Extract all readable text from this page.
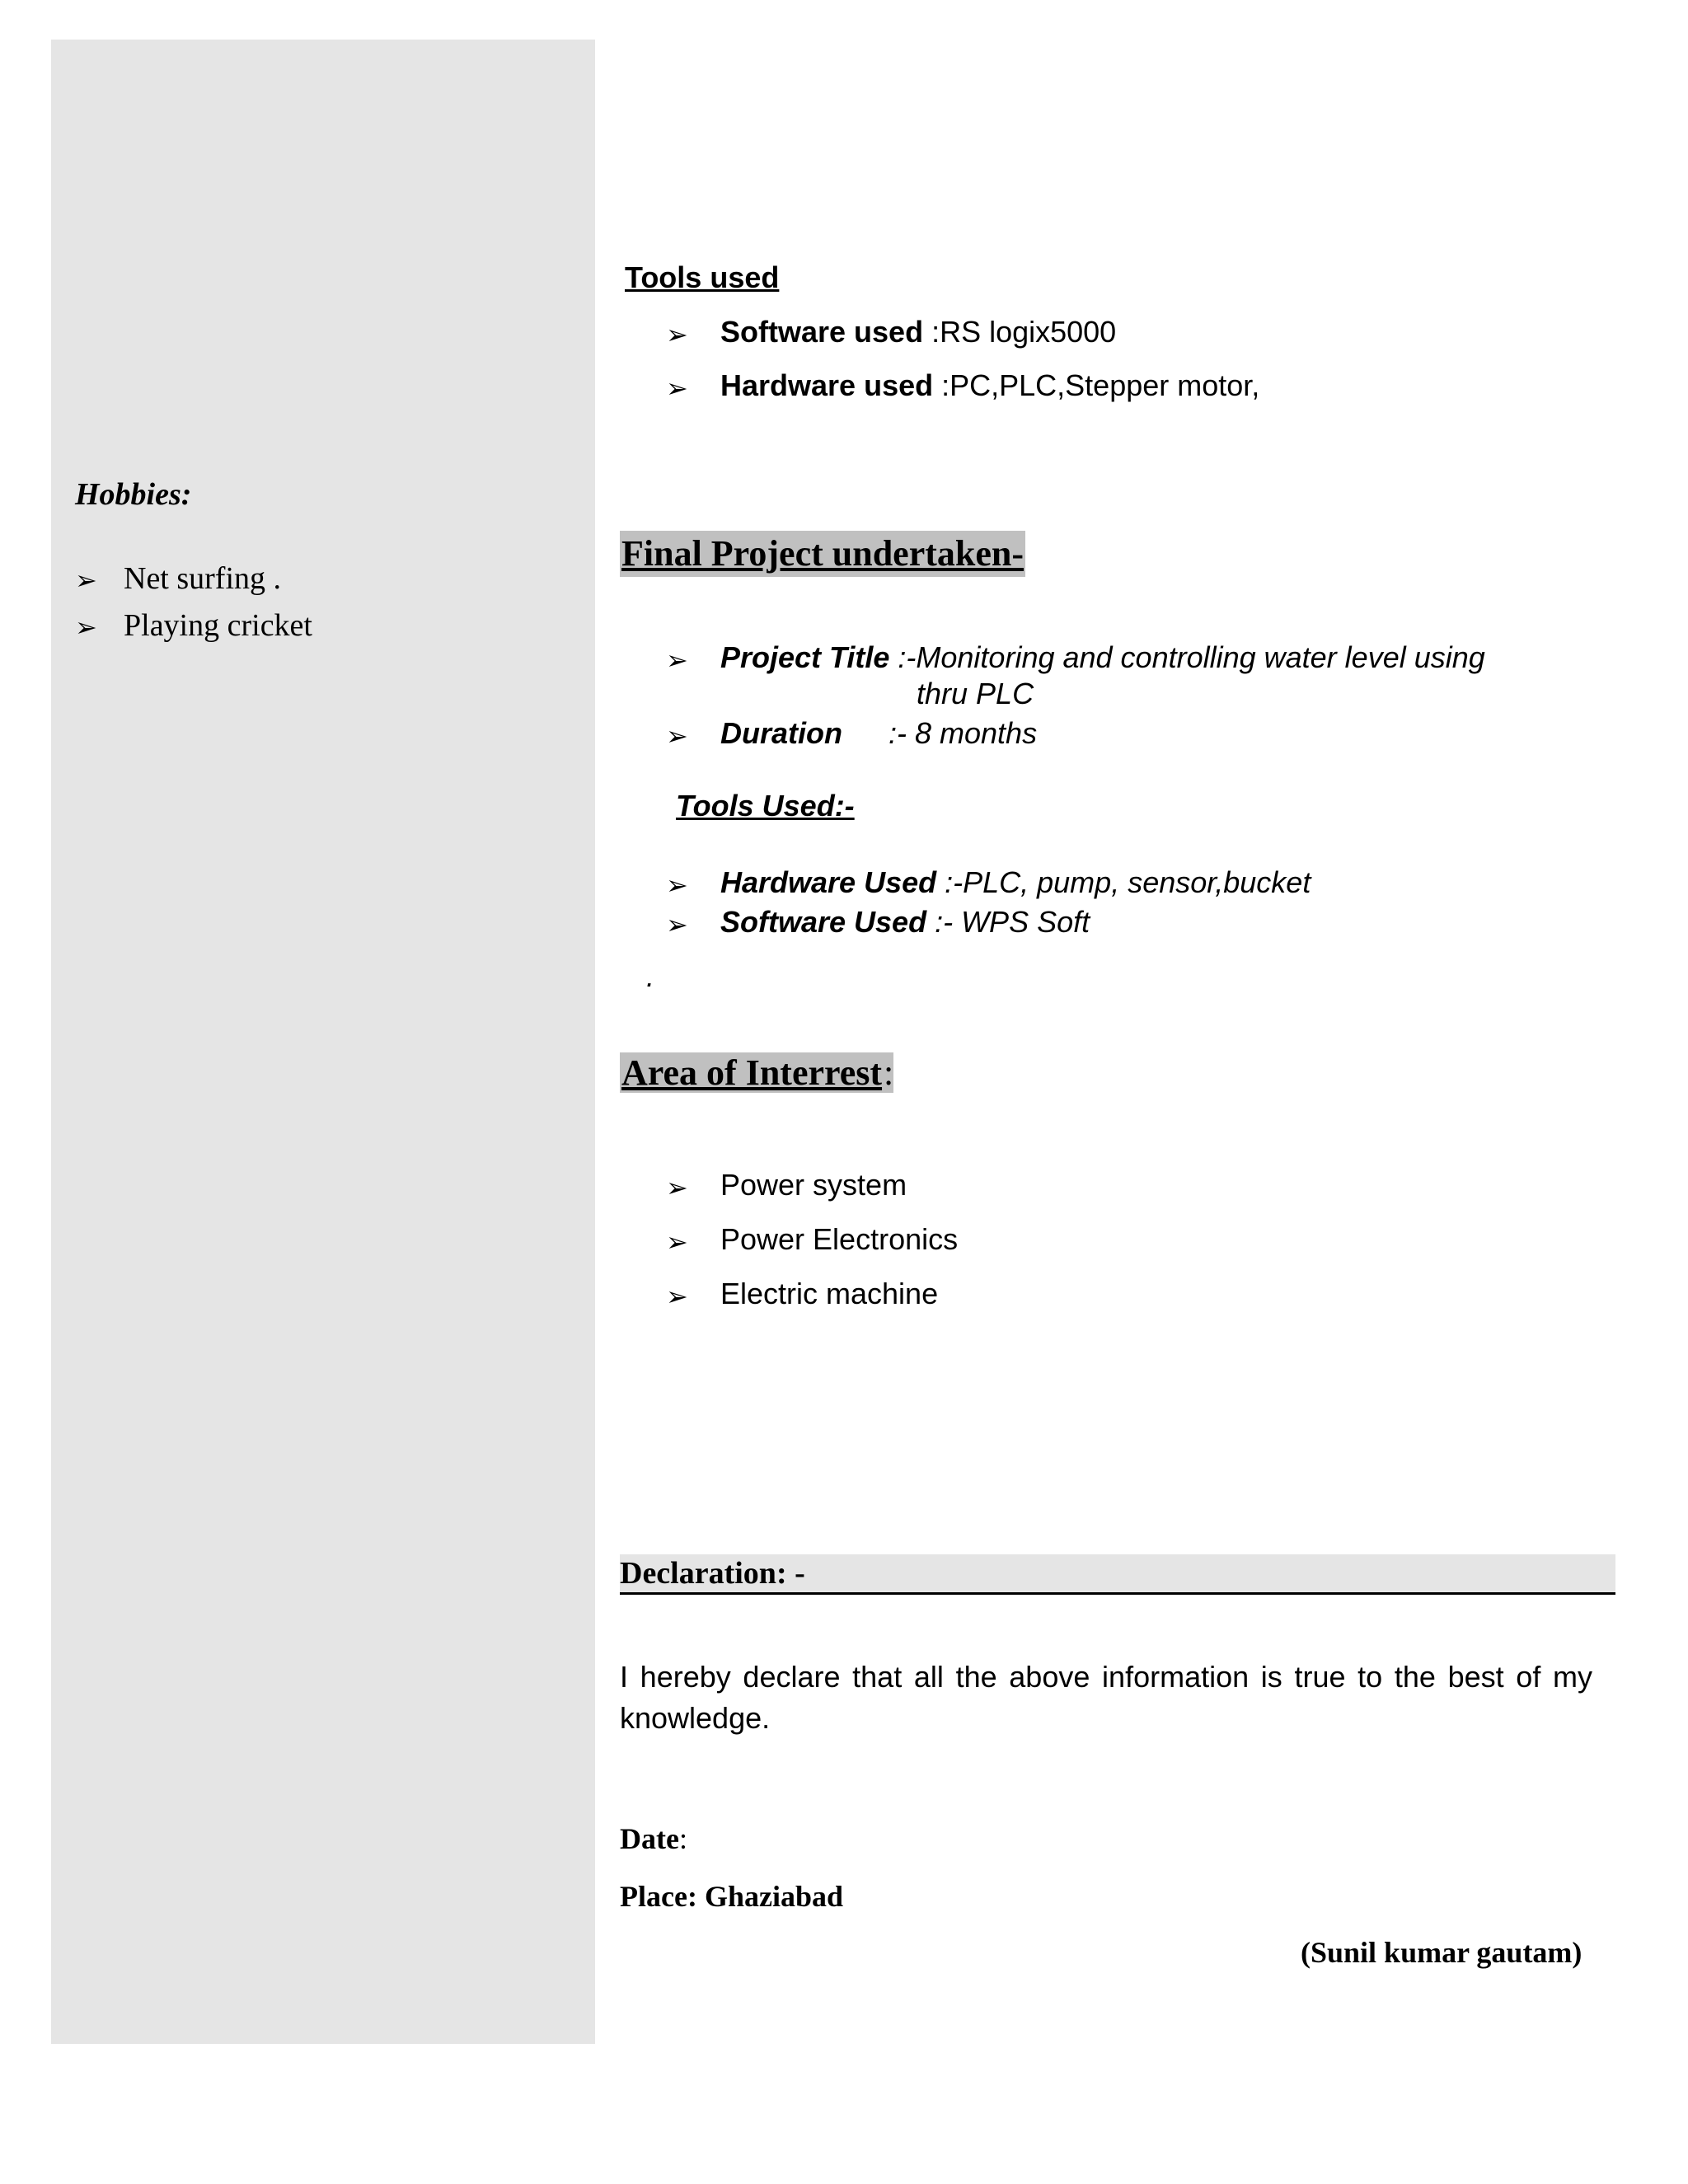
Hobbies:
➢ Net surfing .
➢ Playing cricket
Tools used
➢ Software used :RS logix5000
➢ Hardware used :PC,PLC,Stepper motor,
Final Project undertaken-
➢ Project Title :-Monitoring and controlling water level using
thru PLC
➢ Duration :- 8 months
Tools Used:-
➢ Hardware Used :-PLC, pump, sensor,bucket
➢ Software Used :- WPS Soft
.
Area of Interrest:
➢ Power system
➢ Power Electronics
➢ Electric machine
Declaration: -
I hereby declare that all the above information is true to the best of my knowledge.
Date:
Place: Ghaziabad
(Sunil kumar gautam)
